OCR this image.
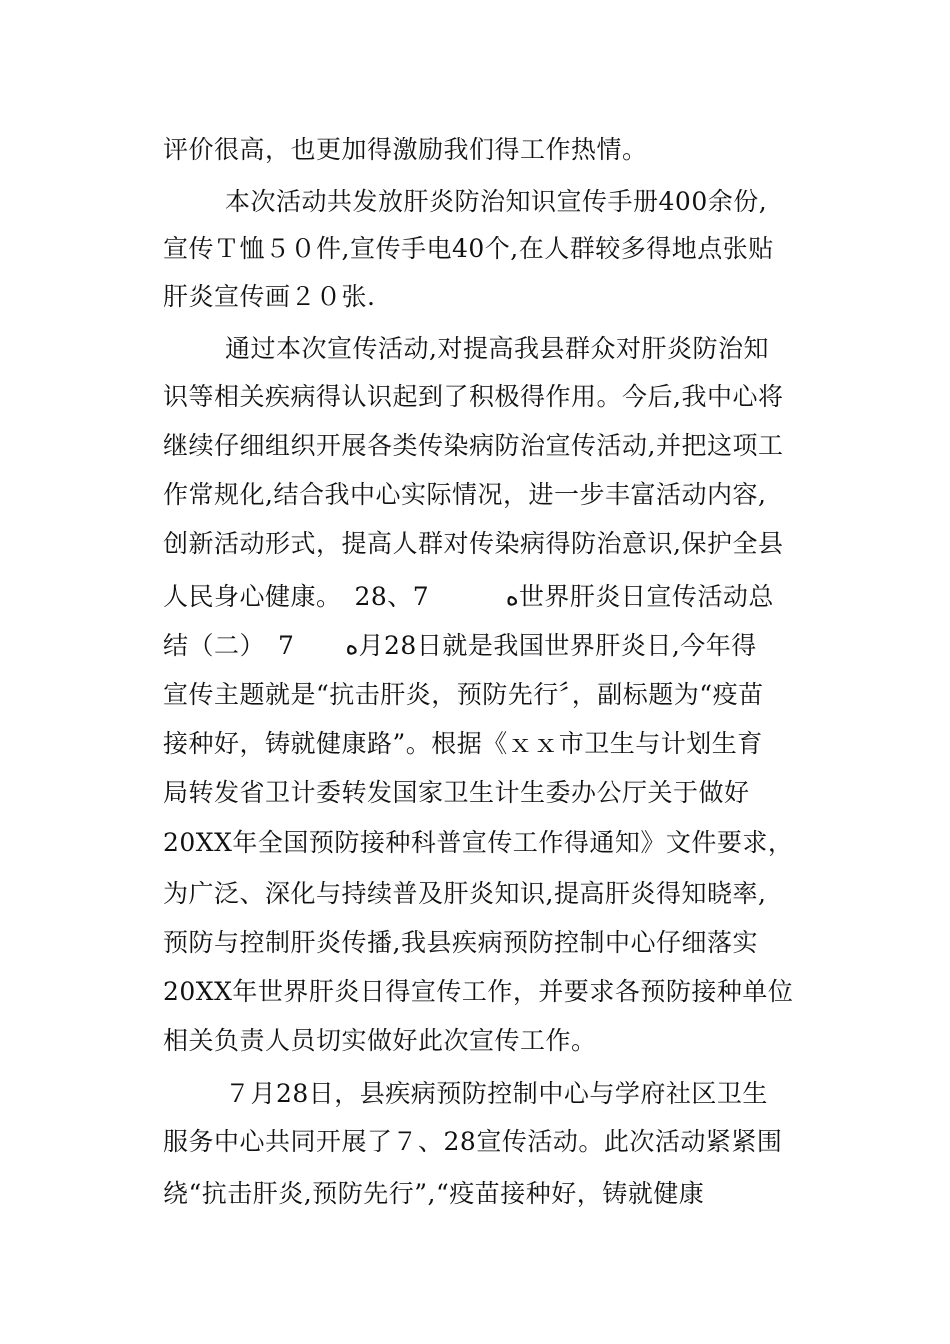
评价很高，也更加得激励我们得工作热情。
本次活动共发放肝炎防治知识宣传手册400余份,
宣传Ｔ恤５０件,宣传手电40个,在人群较多得地点张贴
肝炎宣传画２０张.
通过本次宣传活动,对提高我县群众对肝炎防治知
识等相关疾病得认识起到了积极得作用。今后,我中心将
继续仔细组织开展各类传染病防治宣传活动,并把这项工
作常规化,结合我中心实际情况，进一步丰富活动内容,
创新活动形式，提高人群对传染病得防治意识,保护全县
人民身心健康。　28、7　　　ﻩ世界肝炎日宣传活动总
结（二）　7　　ﻩ月28日就是我国世界肝炎日,今年得
宣传主题就是“抗击肝炎，预防先行〞，副标题为“疫苗
接种好，铸就健康路”。根据《ｘｘ市卫生与计划生育
局转发省卫计委转发国家卫生计生委办公厅关于做好
20XX年全国预防接种科普宣传工作得通知》文件要求，
为广泛、深化与持续普及肝炎知识,提高肝炎得知晓率,
预防与控制肝炎传播,我县疾病预防控制中心仔细落实
20XX年世界肝炎日得宣传工作，并要求各预防接种单位
相关负责人员切实做好此次宣传工作。
７月28日，县疾病预防控制中心与学府社区卫生
服务中心共同开展了７、28宣传活动。此次活动紧紧围
绕“抗击肝炎,预防先行”,“疫苗接种好，铸就健康
